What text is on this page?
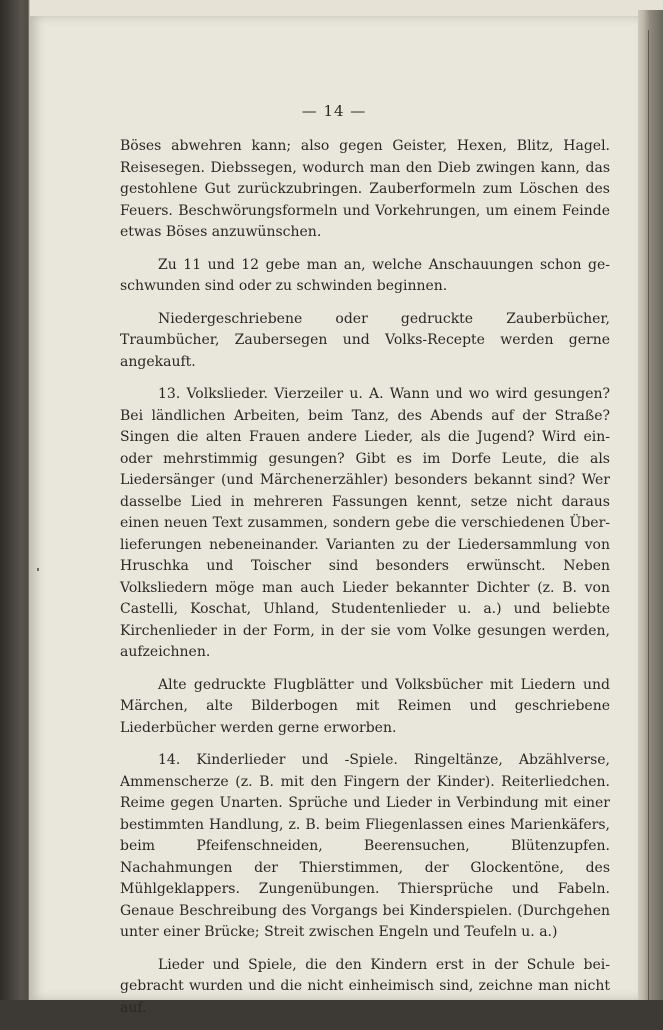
— 14 —

Böses abwehren kann; also gegen Geister, Hexen, Blitz, Hagel. Reisesegen. Diebssegen, wodurch man den Dieb zwingen kann, das gestohlene Gut zurückzubringen. Zauberformeln zum Löschen des Feuers. Beschwörungsformeln und Vorkehrungen, um einem Feinde etwas Böses anzuwünschen.

Zu 11 und 12 gebe man an, welche Anschauungen schon geschwunden sind oder zu schwinden beginnen.

Niedergeschriebene oder gedruckte Zauberbücher, Traumbücher, Zaubersegen und Volks-Recepte werden gerne angekauft.

13. Volkslieder. Vierzeiler u. A. Wann und wo wird gesungen? Bei ländlichen Arbeiten, beim Tanz, des Abends auf der Straße? Singen die alten Frauen andere Lieder, als die Jugend? Wird ein- oder mehrstimmig gesungen? Gibt es im Dorfe Leute, die als Liedersänger (und Märchenerzähler) besonders bekannt sind? Wer dasselbe Lied in mehreren Fassungen kennt, setze nicht daraus einen neuen Text zusammen, sondern gebe die verschiedenen Überlieferungen nebeneinander. Varianten zu der Liedersammlung von Hruschka und Toischer sind besonders erwünscht. Neben Volksliedern möge man auch Lieder bekannter Dichter (z. B. von Castelli, Koschat, Uhland, Studentenlieder u. a.) und beliebte Kirchenlieder in der Form, in der sie vom Volke gesungen werden, aufzeichnen.

Alte gedruckte Flugblätter und Volksbücher mit Liedern und Märchen, alte Bilderbogen mit Reimen und geschriebene Liederbücher werden gerne erworben.

14. Kinderlieder und -Spiele. Ringeltänze, Abzählverse, Ammenscherze (z. B. mit den Fingern der Kinder). Reiterliedchen. Reime gegen Unarten. Sprüche und Lieder in Verbindung mit einer bestimmten Handlung, z. B. beim Fliegenlassen eines Marienkäfers, beim Pfeifenschneiden, Beerensuchen, Blütenzupfen. Nachahmungen der Thierstimmen, der Glockentöne, des Mühlgeklappers. Zungenübungen. Thiersprüche und Fabeln. Genaue Beschreibung des Vorgangs bei Kinderspielen. (Durchgehen unter einer Brücke; Streit zwischen Engeln und Teufeln u. a.)

Lieder und Spiele, die den Kindern erst in der Schule beigebracht wurden und die nicht einheimisch sind, zeichne man nicht auf.
